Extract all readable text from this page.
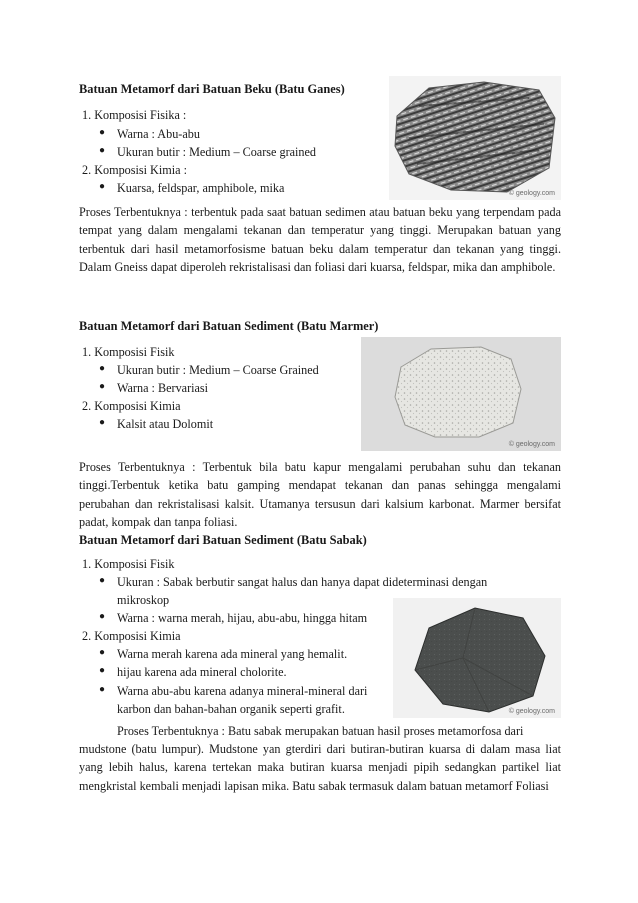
Batuan Metamorf dari Batuan Beku (Batu Ganes)
1. Komposisi Fisika :
● Warna : Abu-abu
● Ukuran butir : Medium – Coarse grained
2. Komposisi Kimia :
● Kuarsa, feldspar, amphibole, mika	© geology.com
Proses Terbentuknya : terbentuk pada saat batuan sedimen atau batuan beku yang terpendam pada tempat yang dalam mengalami tekanan dan temperatur yang tinggi. Merupakan batuan yang terbentuk dari hasil metamorfosisme batuan beku dalam temperatur dan tekanan yang tinggi. Dalam Gneiss dapat diperoleh rekristalisasi dan foliasi dari kuarsa, feldspar, mika dan amphibole.
Batuan Metamorf dari Batuan Sediment (Batu Marmer)
1. Komposisi Fisik
● Ukuran butir : Medium – Coarse Grained
● Warna : Bervariasi
2. Komposisi Kimia
● Kalsit atau Dolomit
© geology.com
Proses Terbentuknya : Terbentuk bila batu kapur mengalami perubahan suhu dan tekanan tinggi.Terbentuk ketika batu gamping mendapat tekanan dan panas sehingga mengalami perubahan dan rekristalisasi kalsit. Utamanya tersusun dari kalsium karbonat. Marmer bersifat padat, kompak dan tanpa foliasi.
Batuan Metamorf dari Batuan Sediment (Batu Sabak)
1. Komposisi Fisik
● Ukuran : Sabak berbutir sangat halus dan hanya dapat dideterminasi dengan
mikroskop
● Warna : warna merah, hijau, abu-abu, hingga hitam
2. Komposisi Kimia
● Warna merah karena ada mineral yang hemalit.
● hijau karena ada mineral cholorite.
● Warna abu-abu karena adanya mineral-mineral dari
karbon dan bahan-bahan organik seperti grafit.	© geology.com
Proses Terbentuknya : Batu sabak merupakan batuan hasil proses metamorfosa dari
mudstone (batu lumpur). Mudstone yan gterdiri dari butiran-butiran kuarsa di dalam masa liat yang lebih halus, karena tertekan maka butiran kuarsa menjadi pipih sedangkan partikel liat mengkristal kembali menjadi lapisan mika. Batu sabak termasuk dalam batuan metamorf Foliasi
